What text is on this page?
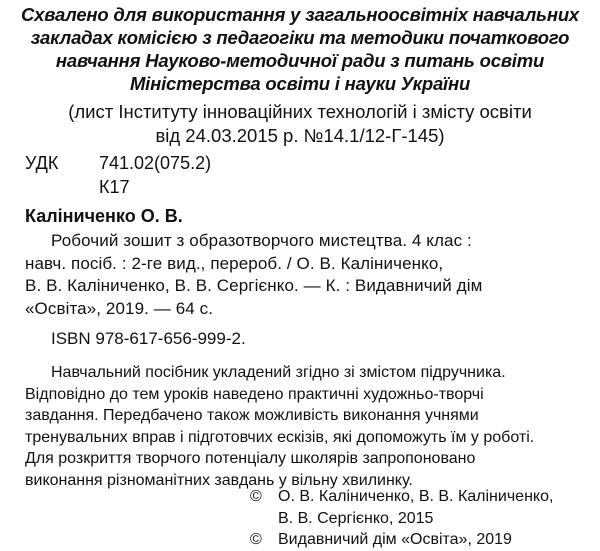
Схвалено для використання у загальноосвітніх навчальних
закладах комісією з педагогіки та методики початкового
навчання Науково-методичної ради з питань освіти
Міністерства освіти і науки України
(лист Інституту інноваційних технологій і змісту освіти
від 24.03.2015 р. №14.1/12-Г-145)
УДК 741.02(075.2)
К17
Каліниченко О. В.
Робочий зошит з образотворчого мистецтва. 4 клас :
навч. посіб. : 2-ге вид., перероб. / О. В. Каліниченко,
В. В. Каліниченко, В. В. Сергієнко. — К. : Видавничий дім
«Освіта», 2019. — 64 с.
ISBN 978-617-656-999-2.
Навчальний посібник укладений згідно зі змістом підручника.
Відповідно до тем уроків наведено практичні художньо-творчі
завдання. Передбачено також можливість виконання учнями
тренувальних вправ і підготовчих ескізів, які допоможуть їм у роботі.
Для розкриття творчого потенціалу школярів запропоновано
виконання різноманітних завдань у вільну хвилинку.
© О. В. Каліниченко, В. В. Каліниченко,
В. В. Сергієнко, 2015
© Видавничий дім «Освіта», 2019
